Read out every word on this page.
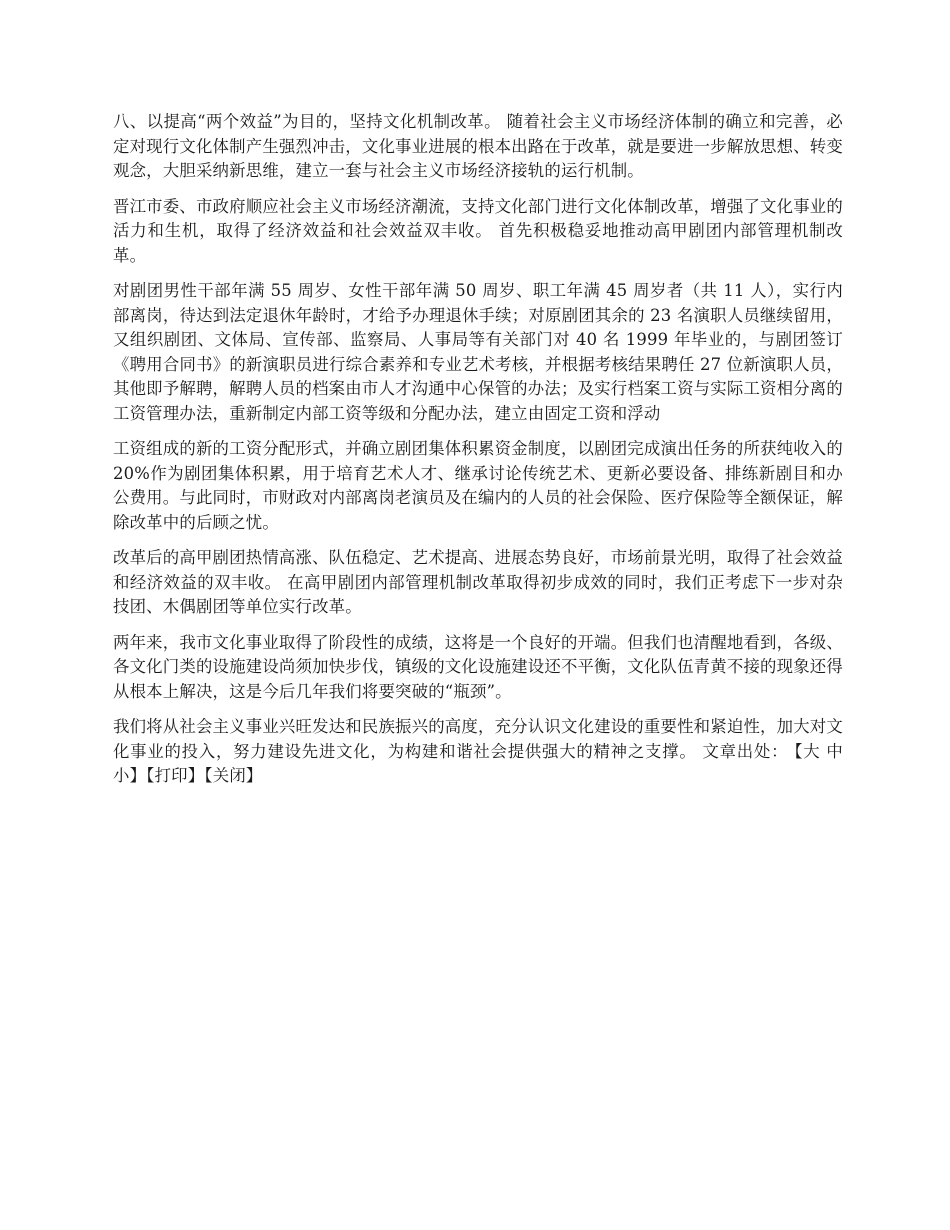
八、以提高“两个效益”为目的，坚持文化机制改革。 随着社会主义市场经济体制的确立和完善，必定对现行文化体制产生强烈冲击，文化事业进展的根本出路在于改革，就是要进一步解放思想、转变观念，大胆采纳新思维，建立一套与社会主义市场经济接轨的运行机制。

晋江市委、市政府顺应社会主义市场经济潮流，支持文化部门进行文化体制改革，增强了文化事业的活力和生机，取得了经济效益和社会效益双丰收。 首先积极稳妥地推动高甲剧团内部管理机制改革。

对剧团男性干部年满 55 周岁、女性干部年满 50 周岁、职工年满 45 周岁者（共 11 人），实行内部离岗，待达到法定退休年龄时，才给予办理退休手续；对原剧团其余的 23 名演职人员继续留用，又组织剧团、文体局、宣传部、监察局、人事局等有关部门对 40 名 1999 年毕业的，与剧团签订《聘用合同书》的新演职员进行综合素养和专业艺术考核，并根据考核结果聘任 27 位新演职人员，其他即予解聘，解聘人员的档案由市人才沟通中心保管的办法；及实行档案工资与实际工资相分离的工资管理办法，重新制定内部工资等级和分配办法，建立由固定工资和浮动

工资组成的新的工资分配形式，并确立剧团集体积累资金制度，以剧团完成演出任务的所获纯收入的 20%作为剧团集体积累，用于培育艺术人才、继承讨论传统艺术、更新必要设备、排练新剧目和办公费用。与此同时，市财政对内部离岗老演员及在编内的人员的社会保险、医疗保险等全额保证，解除改革中的后顾之忧。

改革后的高甲剧团热情高涨、队伍稳定、艺术提高、进展态势良好，市场前景光明，取得了社会效益和经济效益的双丰收。 在高甲剧团内部管理机制改革取得初步成效的同时，我们正考虑下一步对杂技团、木偶剧团等单位实行改革。

两年来，我市文化事业取得了阶段性的成绩，这将是一个良好的开端。但我们也清醒地看到，各级、各文化门类的设施建设尚须加快步伐，镇级的文化设施建设还不平衡，文化队伍青黄不接的现象还得从根本上解决，这是今后几年我们将要突破的“瓶颈”。

我们将从社会主义事业兴旺发达和民族振兴的高度，充分认识文化建设的重要性和紧迫性，加大对文化事业的投入，努力建设先进文化，为构建和谐社会提供强大的精神之支撑。 文章出处： 【大 中 小】【打印】【关闭】
